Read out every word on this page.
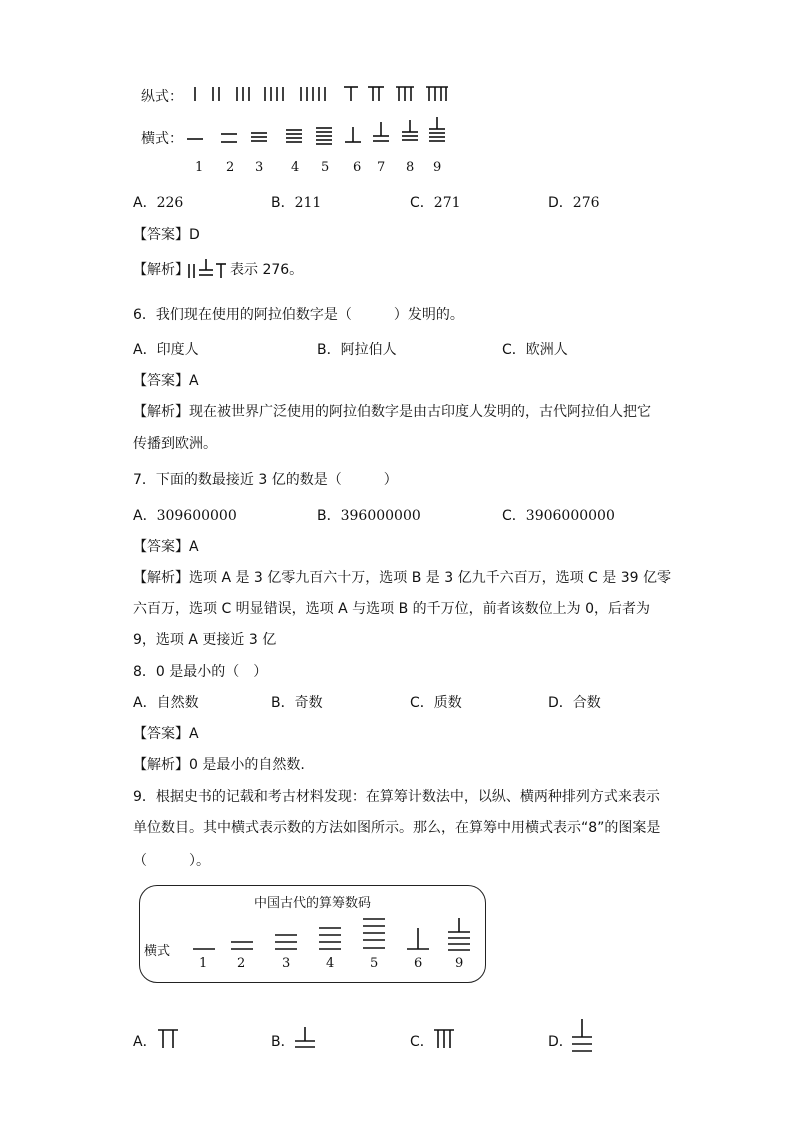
纵式：
横式：
1 2 3 4 5 6 7 8 9
A．226	B．211	C．271	D．276
【答案】D
【解析】	表示 276。
6．我们现在使用的阿拉伯数字是（　　　）发明的。
A．印度人	B．阿拉伯人	C．欧洲人
【答案】A
【解析】现在被世界广泛使用的阿拉伯数字是由古印度人发明的，古代阿拉伯人把它
传播到欧洲。
7．下面的数最接近 3 亿的数是（　　　）
A．309600000	B．396000000	C．3906000000
【答案】A
【解析】选项 A 是 3 亿零九百六十万，选项 B 是 3 亿九千六百万，选项 C 是 39 亿零
六百万，选项 C 明显错误，选项 A 与选项 B 的千万位，前者该数位上为 0，后者为
9，选项 A 更接近 3 亿
8．0 是最小的（　）
A．自然数	B．奇数	C．质数	D．合数
【答案】A
【解析】0 是最小的自然数.
9．根据史书的记载和考古材料发现：在算筹计数法中，以纵、横两种排列方式来表示
单位数目。其中横式表示数的方法如图所示。那么，在算筹中用横式表示“8”的图案是
（　　　）。
中国古代的算筹数码
横式
1 2	3	4	5	6	9
A．	B．	C．	D．
